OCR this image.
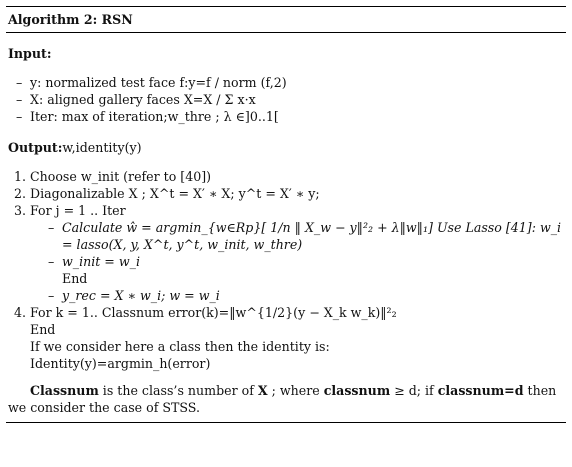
Algorithm 2: RSN
Input:
– y: normalized test face f:y=f / norm (f,2)
– X: aligned gallery faces X=X / Σ x·x
– Iter: max of iteration;w_thre ; λ ∈]0..1[
Output:w,identity(y)
1. Choose w_init (refer to [40])
2. Diagonalizable X ; X^t = X′ ∗ X; y^t = X′ ∗ y;
3. For j = 1 .. Iter
– Calculate ŵ = argmin_{w∈Rp}[ 1/n ‖ X_w − y‖²₂ + λ‖w‖₁] Use Lasso [41]: w_i = lasso(X, y, X^t, y^t, w_init, w_thre)
– w_init = w_i
End
– y_rec = X ∗ w_i; w = w_i
4. For k = 1.. Classnum error(k)=‖w^{1/2}(y − X_k w_k)‖²₂
End
If we consider here a class then the identity is:
Identity(y)=argmin_h(error)
Classnum is the class’s number of X ; where classnum ≥ d; if classnum=d then we consider the case of STSS.
